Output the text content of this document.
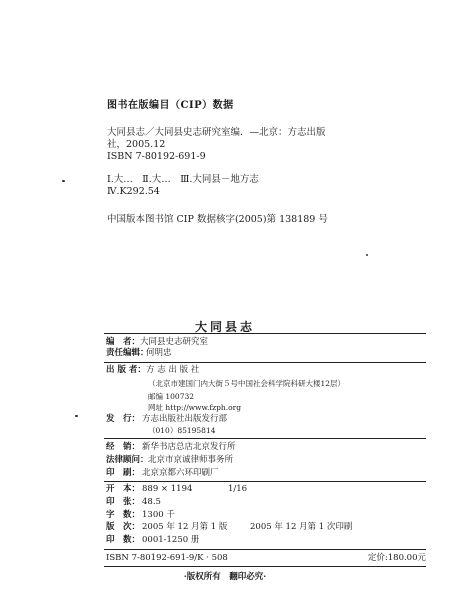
图书在版编目（CIP）数据
大同县志／大同县史志研究室编．—北京：方志出版
社，2005.12
ISBN 7-80192-691-9
Ⅰ.大…　Ⅱ.大…　Ⅲ.大同县－地方志
Ⅳ.K292.54
中国版本图书馆 CIP 数据核字(2005)第 138189 号
大同县志
编　者：大同县史志研究室
责任编辑：何明忠
出 版 者：方 志 出 版 社
（北京市建国门内大街５号中国社会科学院科研大楼12层）
邮编 100732
网址 http://www.fzph.org
发　行： 方志出版社出版发行部
（010）85195814
经　销： 新华书店总店北京发行所
法律顾问：北京市京诚律师事务所
印　刷： 北京京都六环印刷厂
开　本： 889 × 1194	1/16
印　张： 48.5
字　数： 1300 千
版　次： 2005 年 12 月第 1 版	2005 年 12 月第 1 次印刷
印　数： 0001-1250 册
ISBN 7-80192-691-9/K · 508	定价:180.00元
·版权所有　翻印必究·
